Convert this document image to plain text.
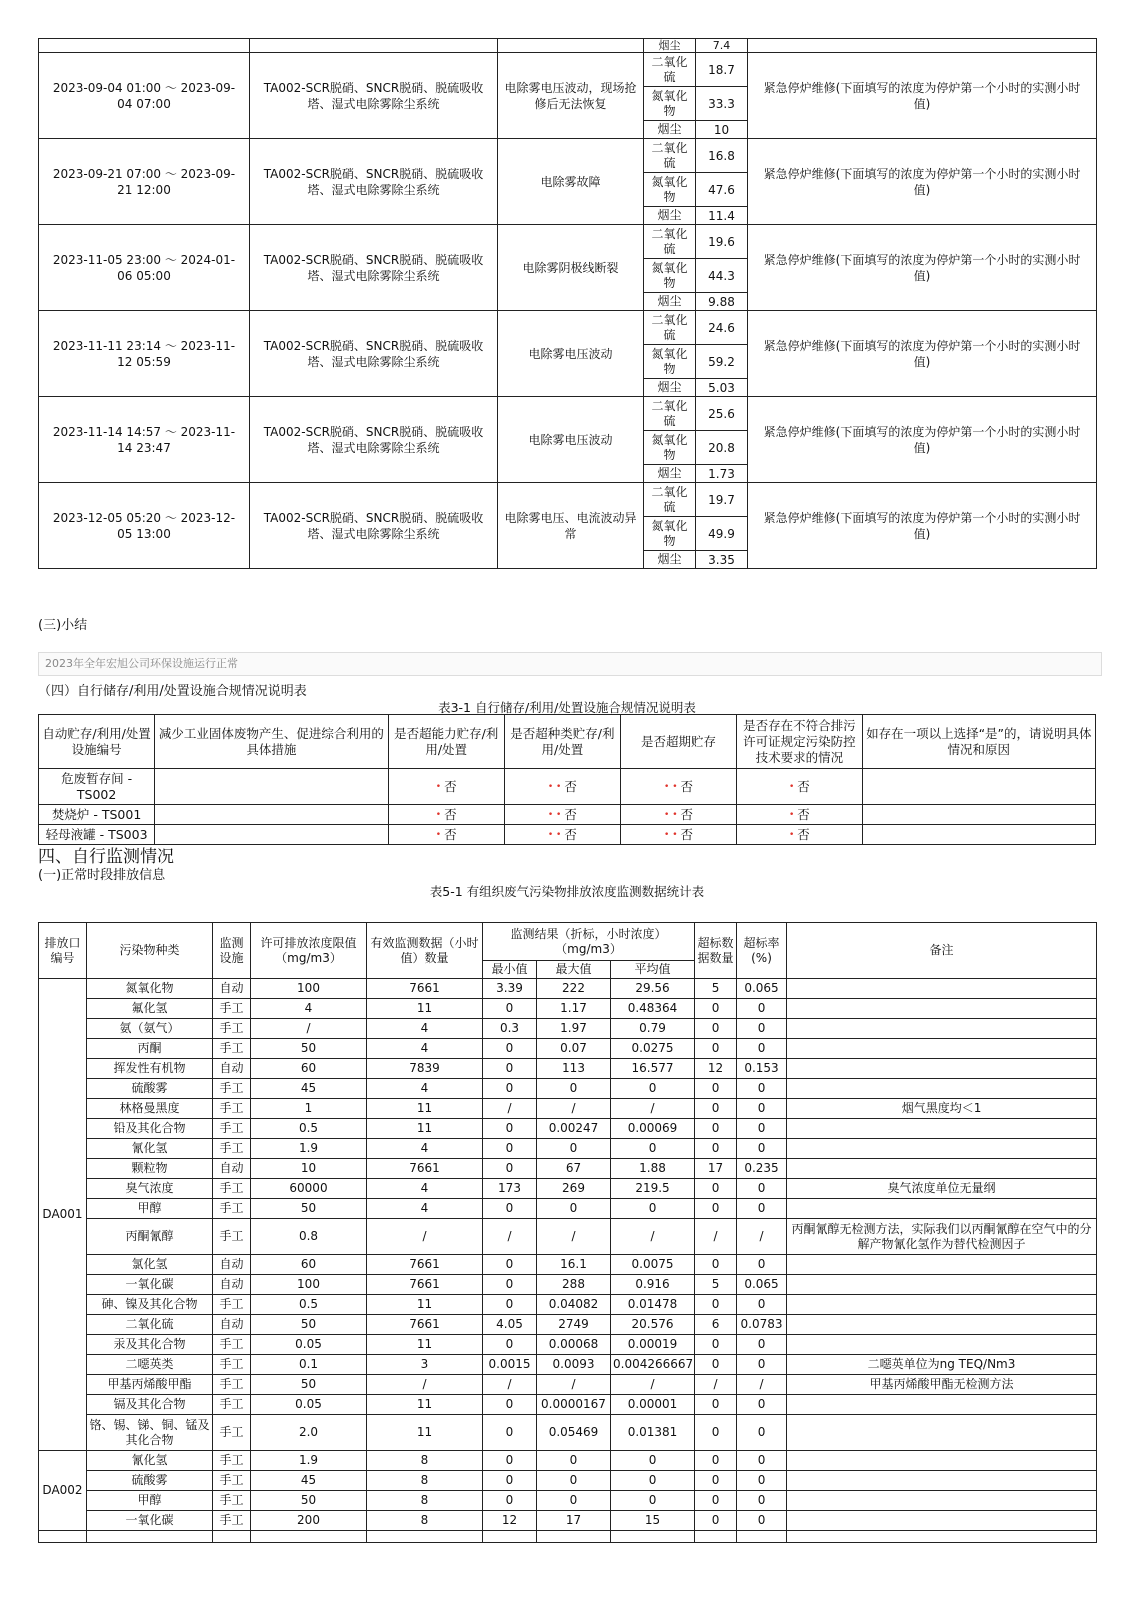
			烟尘	7.4	
2023-09-04 01:00 ～ 2023-09-04 07:00	TA002-SCR脱硝、SNCR脱硝、脱硫吸收塔、湿式电除雾除尘系统	电除雾电压波动，现场抢修后无法恢复	二氧化硫	18.7	紧急停炉维修(下面填写的浓度为停炉第一个小时的实测小时值)
			氮氧化物	33.3	
			烟尘	10	
2023-09-21 07:00 ～ 2023-09-21 12:00	TA002-SCR脱硝、SNCR脱硝、脱硫吸收塔、湿式电除雾除尘系统	电除雾故障	二氧化硫	16.8	紧急停炉维修(下面填写的浓度为停炉第一个小时的实测小时值)
			氮氧化物	47.6	
			烟尘	11.4	
2023-11-05 23:00 ～ 2024-01-06 05:00	TA002-SCR脱硝、SNCR脱硝、脱硫吸收塔、湿式电除雾除尘系统	电除雾阴极线断裂	二氧化硫	19.6	紧急停炉维修(下面填写的浓度为停炉第一个小时的实测小时值)
			氮氧化物	44.3	
			烟尘	9.88	
2023-11-11 23:14 ～ 2023-11-12 05:59	TA002-SCR脱硝、SNCR脱硝、脱硫吸收塔、湿式电除雾除尘系统	电除雾电压波动	二氧化硫	24.6	紧急停炉维修(下面填写的浓度为停炉第一个小时的实测小时值)
			氮氧化物	59.2	
			烟尘	5.03	
2023-11-14 14:57 ～ 2023-11-14 23:47	TA002-SCR脱硝、SNCR脱硝、脱硫吸收塔、湿式电除雾除尘系统	电除雾电压波动	二氧化硫	25.6	紧急停炉维修(下面填写的浓度为停炉第一个小时的实测小时值)
			氮氧化物	20.8	
			烟尘	1.73	
2023-12-05 05:20 ～ 2023-12-05 13:00	TA002-SCR脱硝、SNCR脱硝、脱硫吸收塔、湿式电除雾除尘系统	电除雾电压、电流波动异常	二氧化硫	19.7	紧急停炉维修(下面填写的浓度为停炉第一个小时的实测小时值)
			氮氧化物	49.9	
			烟尘	3.35	
(三)小结
2023年全年宏旭公司环保设施运行正常
（四）自行储存/利用/处置设施合规情况说明表
表3-1 自行储存/利用/处置设施合规情况说明表
自动贮存/利用/处置设施编号	减少工业固体废物产生、促进综合利用的具体措施	是否超能力贮存/利用/处置	是否超种类贮存/利用/处置	是否超期贮存	是否存在不符合排污许可证规定污染防控技术要求的情况	如存在一项以上选择“是”的，请说明具体情况和原因
危废暂存间 - TS002		• 否	• • 否	• • 否	• 否	
焚烧炉 - TS001		• 否	• • 否	• • 否	• 否	
轻母液罐 - TS003		• 否	• • 否	• • 否	• 否	
四、自行监测情况
(一)正常时段排放信息
表5-1 有组织废气污染物排放浓度监测数据统计表
排放口编号	污染物种类	监测设施	许可排放浓度限值（mg/m3）	有效监测数据（小时值）数量	监测结果（折标，小时浓度）（mg/m3）			超标数据数量	超标率(%)	备注
					最小值	最大值	平均值			
DA001	氮氧化物	自动	100	7661	3.39	222	29.56	5	0.065	
	氟化氢	手工	4	11	0	1.17	0.48364	0	0	
	氨（氨气）	手工	/	4	0.3	1.97	0.79	0	0	
	丙酮	手工	50	4	0	0.07	0.0275	0	0	
	挥发性有机物	自动	60	7839	0	113	16.577	12	0.153	
	硫酸雾	手工	45	4	0	0	0	0	0	
	林格曼黑度	手工	1	11	/	/	/	0	0	烟气黑度均＜1
	铅及其化合物	手工	0.5	11	0	0.00247	0.00069	0	0	
	氰化氢	手工	1.9	4	0	0	0	0	0	
	颗粒物	自动	10	7661	0	67	1.88	17	0.235	
	臭气浓度	手工	60000	4	173	269	219.5	0	0	臭气浓度单位无量纲
	甲醇	手工	50	4	0	0	0	0	0	
	丙酮氰醇	手工	0.8	/	/	/	/	/	/	丙酮氰醇无检测方法，实际我们以丙酮氰醇在空气中的分解产物氰化氢作为替代检测因子
	氯化氢	自动	60	7661	0	16.1	0.0075	0	0	
	一氧化碳	自动	100	7661	0	288	0.916	5	0.065	
	砷、镍及其化合物	手工	0.5	11	0	0.04082	0.01478	0	0	
	二氧化硫	自动	50	7661	4.05	2749	20.576	6	0.0783	
	汞及其化合物	手工	0.05	11	0	0.00068	0.00019	0	0	
	二噁英类	手工	0.1	3	0.0015	0.0093	0.004266667	0	0	二噁英单位为ng TEQ/Nm3
	甲基丙烯酸甲酯	手工	50	/	/	/	/	/	/	甲基丙烯酸甲酯无检测方法
	镉及其化合物	手工	0.05	11	0	0.0000167	0.00001	0	0	
	铬、锡、锑、铜、锰及其化合物	手工	2.0	11	0	0.05469	0.01381	0	0	
DA002	氰化氢	手工	1.9	8	0	0	0	0	0	
	硫酸雾	手工	45	8	0	0	0	0	0	
	甲醇	手工	50	8	0	0	0	0	0	
	一氧化碳	手工	200	8	12	17	15	0	0	
